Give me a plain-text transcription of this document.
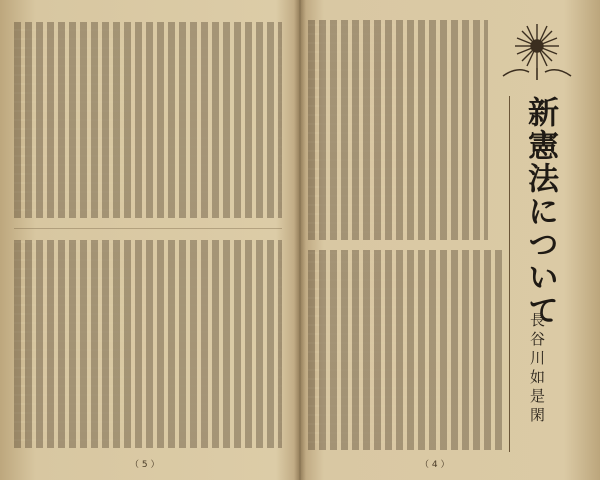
（ 5 ）	（ 4 ）
新憲法について
長谷川如是閑
